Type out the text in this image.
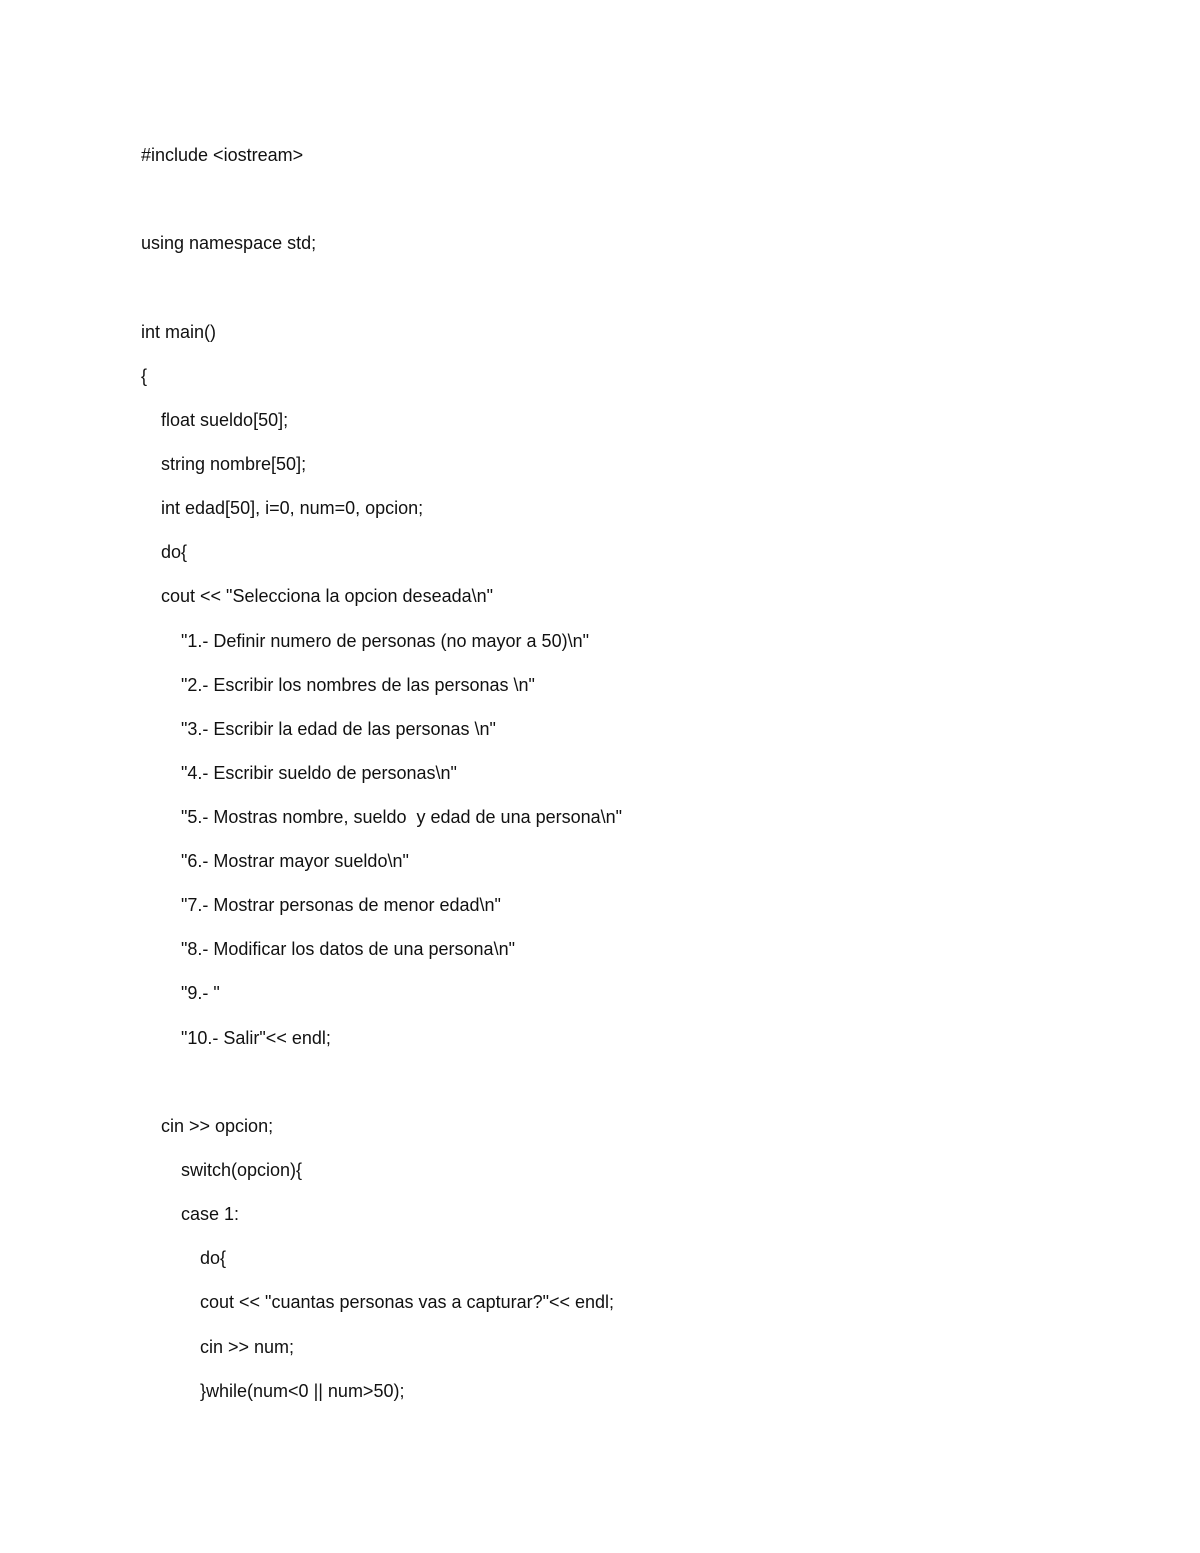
#include <iostream>
using namespace std;
int main()
{
float sueldo[50];
string nombre[50];
int edad[50], i=0, num=0, opcion;
do{
cout << "Selecciona la opcion deseada\n"
"1.- Definir numero de personas (no mayor a 50)\n"
"2.- Escribir los nombres de las personas \n"
"3.- Escribir la edad de las personas \n"
"4.- Escribir sueldo de personas\n"
"5.- Mostras nombre, sueldo  y edad de una persona\n"
"6.- Mostrar mayor sueldo\n"
"7.- Mostrar personas de menor edad\n"
"8.- Modificar los datos de una persona\n"
"9.- "
"10.- Salir"<< endl;
cin >> opcion;
switch(opcion){
case 1:
do{
cout << "cuantas personas vas a capturar?"<< endl;
cin >> num;
}while(num<0 || num>50);
